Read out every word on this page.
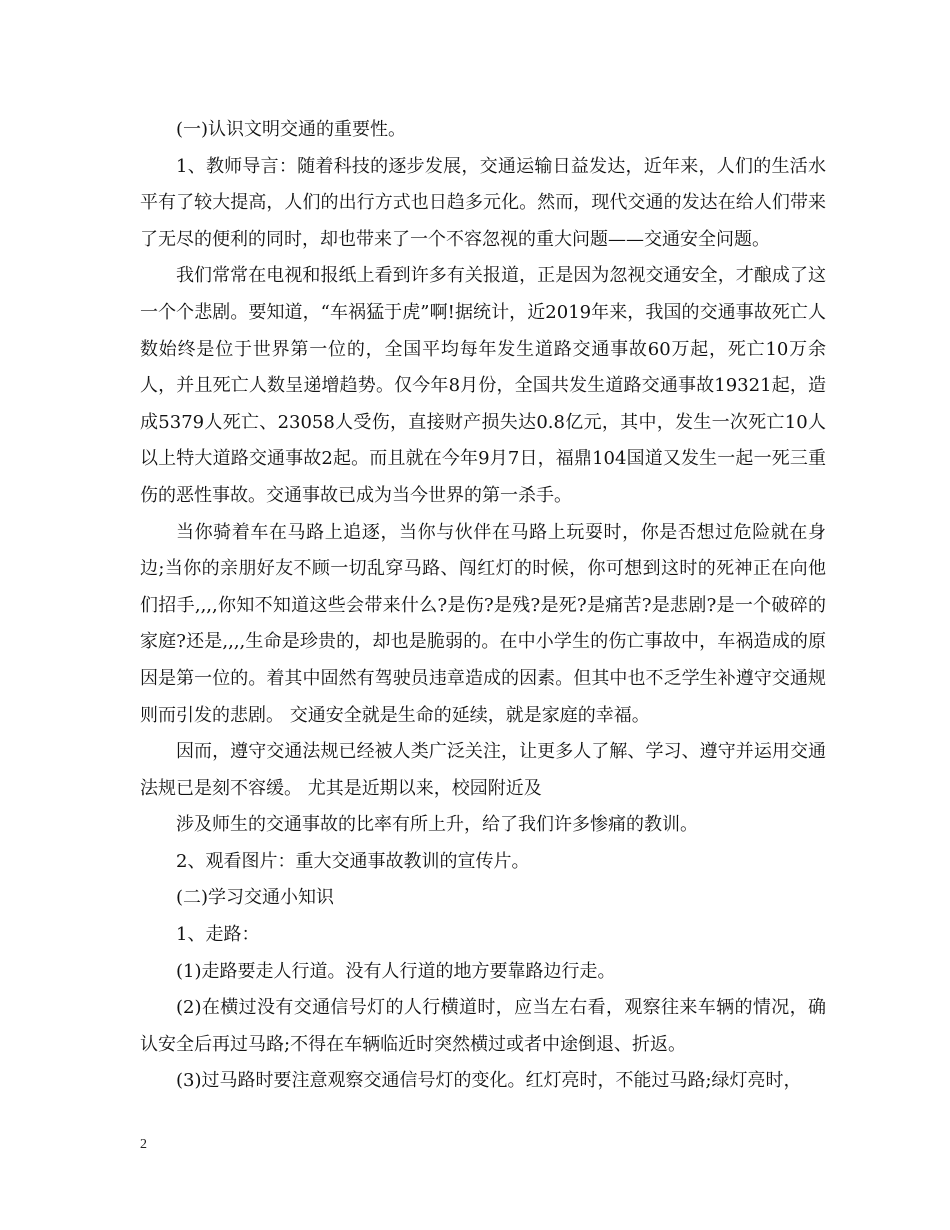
(一)认识文明交通的重要性。

1、教师导言：随着科技的逐步发展，交通运输日益发达，近年来，人们的生活水平有了较大提高，人们的出行方式也日趋多元化。然而，现代交通的发达在给人们带来了无尽的便利的同时，却也带来了一个不容忽视的重大问题——交通安全问题。

我们常常在电视和报纸上看到许多有关报道，正是因为忽视交通安全，才酿成了这一个个悲剧。要知道，“车祸猛于虎”啊!据统计，近2019年来，我国的交通事故死亡人数始终是位于世界第一位的，全国平均每年发生道路交通事故60万起，死亡10万余人，并且死亡人数呈递增趋势。仅今年8月份，全国共发生道路交通事故19321起，造成5379人死亡、23058人受伤，直接财产损失达0.8亿元，其中，发生一次死亡10人以上特大道路交通事故2起。而且就在今年9月7日，福鼎104国道又发生一起一死三重伤的恶性事故。交通事故已成为当今世界的第一杀手。

当你骑着车在马路上追逐，当你与伙伴在马路上玩耍时，你是否想过危险就在身边;当你的亲朋好友不顾一切乱穿马路、闯红灯的时候，你可想到这时的死神正在向他们招手,,,,你知不知道这些会带来什么?是伤?是残?是死?是痛苦?是悲剧?是一个破碎的家庭?还是,,,,生命是珍贵的，却也是脆弱的。在中小学生的伤亡事故中，车祸造成的原因是第一位的。着其中固然有驾驶员违章造成的因素。但其中也不乏学生补遵守交通规则而引发的悲剧。 交通安全就是生命的延续，就是家庭的幸福。

因而，遵守交通法规已经被人类广泛关注，让更多人了解、学习、遵守并运用交通法规已是刻不容缓。 尤其是近期以来，校园附近及

涉及师生的交通事故的比率有所上升，给了我们许多惨痛的教训。

2、观看图片：重大交通事故教训的宣传片。

(二)学习交通小知识

1、走路：

(1)走路要走人行道。没有人行道的地方要靠路边行走。

(2)在横过没有交通信号灯的人行横道时，应当左右看，观察往来车辆的情况，确认安全后再过马路;不得在车辆临近时突然横过或者中途倒退、折返。

(3)过马路时要注意观察交通信号灯的变化。红灯亮时，不能过马路;绿灯亮时，

2
